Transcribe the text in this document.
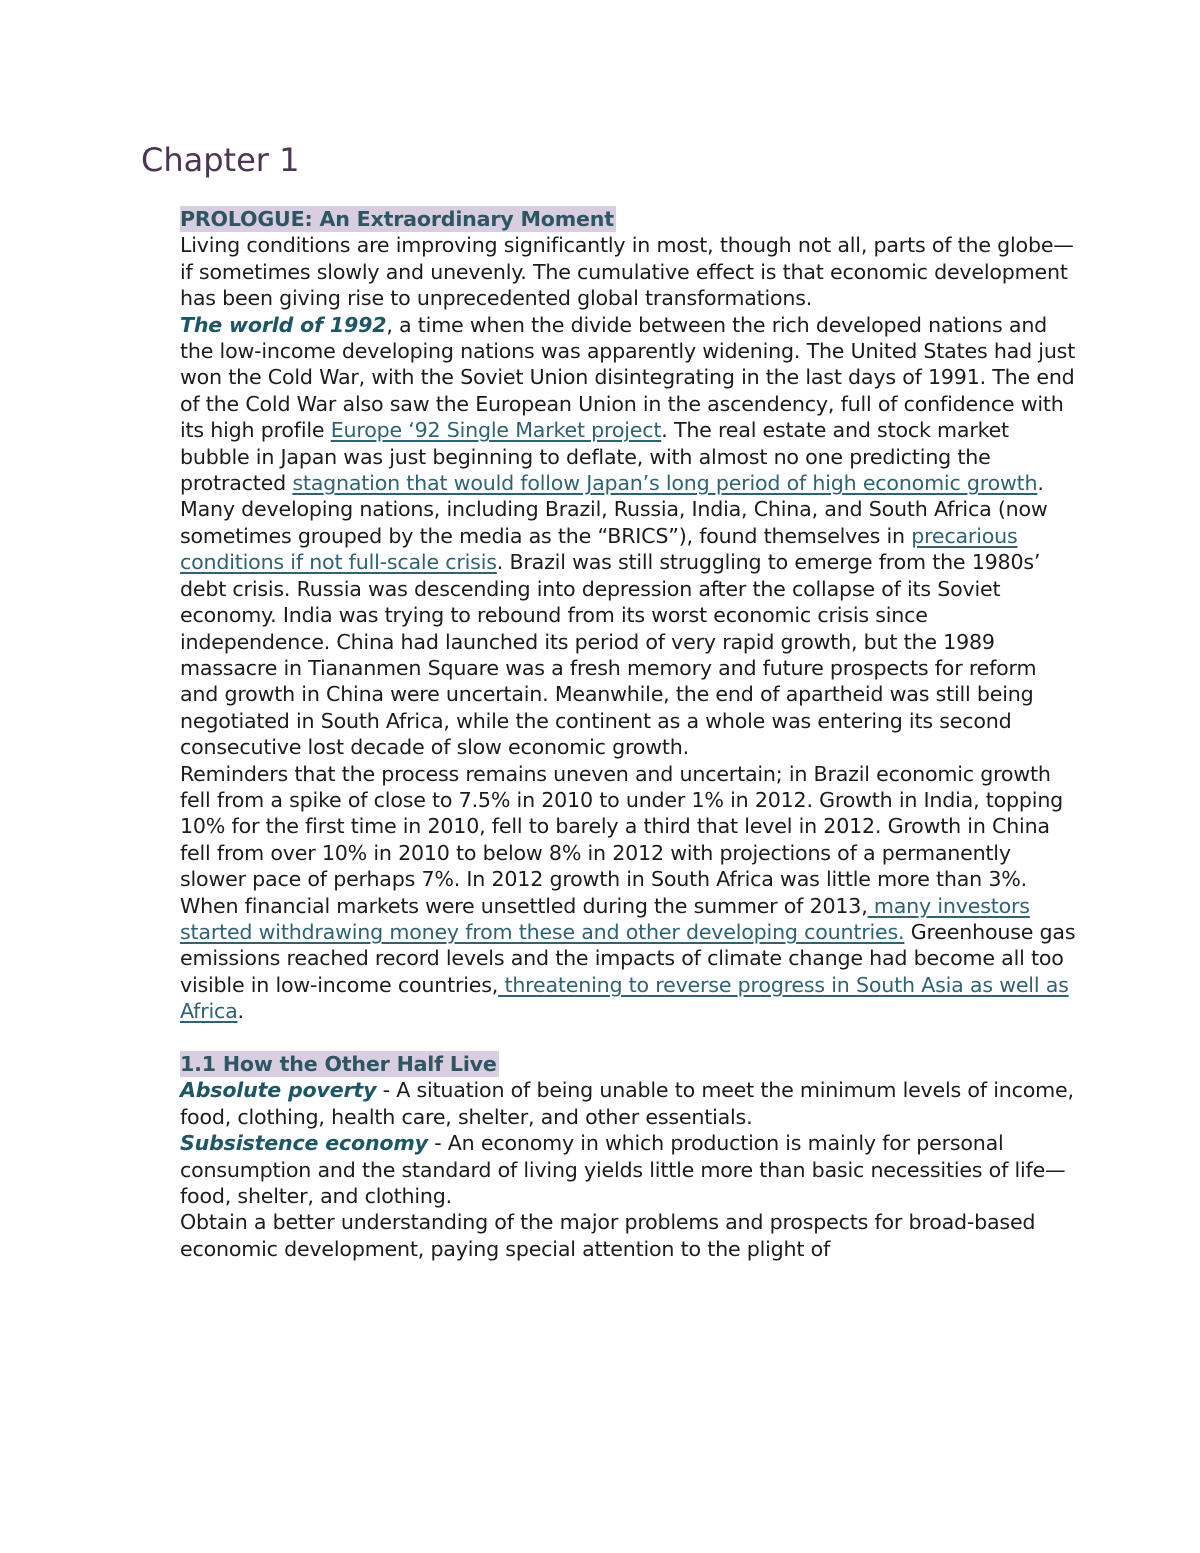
Chapter 1
PROLOGUE: An Extraordinary Moment

Living conditions are improving significantly in most, though not all, parts of the globe—if sometimes slowly and unevenly. The cumulative effect is that economic development has been giving rise to unprecedented global transformations.

The world of 1992, a time when the divide between the rich developed nations and the low-income developing nations was apparently widening. The United States had just won the Cold War, with the Soviet Union disintegrating in the last days of 1991. The end of the Cold War also saw the European Union in the ascendency, full of confidence with its high profile Europe ‘92 Single Market project. The real estate and stock market bubble in Japan was just beginning to deflate, with almost no one predicting the protracted stagnation that would follow Japan’s long period of high economic growth.

Many developing nations, including Brazil, Russia, India, China, and South Africa (now sometimes grouped by the media as the “BRICS”), found themselves in precarious conditions if not full-scale crisis. Brazil was still struggling to emerge from the 1980s’ debt crisis. Russia was descending into depression after the collapse of its Soviet economy. India was trying to rebound from its worst economic crisis since independence. China had launched its period of very rapid growth, but the 1989 massacre in Tiananmen Square was a fresh memory and future prospects for reform and growth in China were uncertain. Meanwhile, the end of apartheid was still being negotiated in South Africa, while the continent as a whole was entering its second consecutive lost decade of slow economic growth.

Reminders that the process remains uneven and uncertain; in Brazil economic growth fell from a spike of close to 7.5% in 2010 to under 1% in 2012. Growth in India, topping 10% for the first time in 2010, fell to barely a third that level in 2012. Growth in China fell from over 10% in 2010 to below 8% in 2012 with projections of a permanently slower pace of perhaps 7%. In 2012 growth in South Africa was little more than 3%.

When financial markets were unsettled during the summer of 2013, many investors started withdrawing money from these and other developing countries. Greenhouse gas emissions reached record levels and the impacts of climate change had become all too visible in low-income countries, threatening to reverse progress in South Asia as well as Africa.

1.1 How the Other Half Live

Absolute poverty - A situation of being unable to meet the minimum levels of income, food, clothing, health care, shelter, and other essentials.

Subsistence economy - An economy in which production is mainly for personal consumption and the standard of living yields little more than basic necessities of life—food, shelter, and clothing.

Obtain a better understanding of the major problems and prospects for broad-based economic development, paying special attention to the plight of
